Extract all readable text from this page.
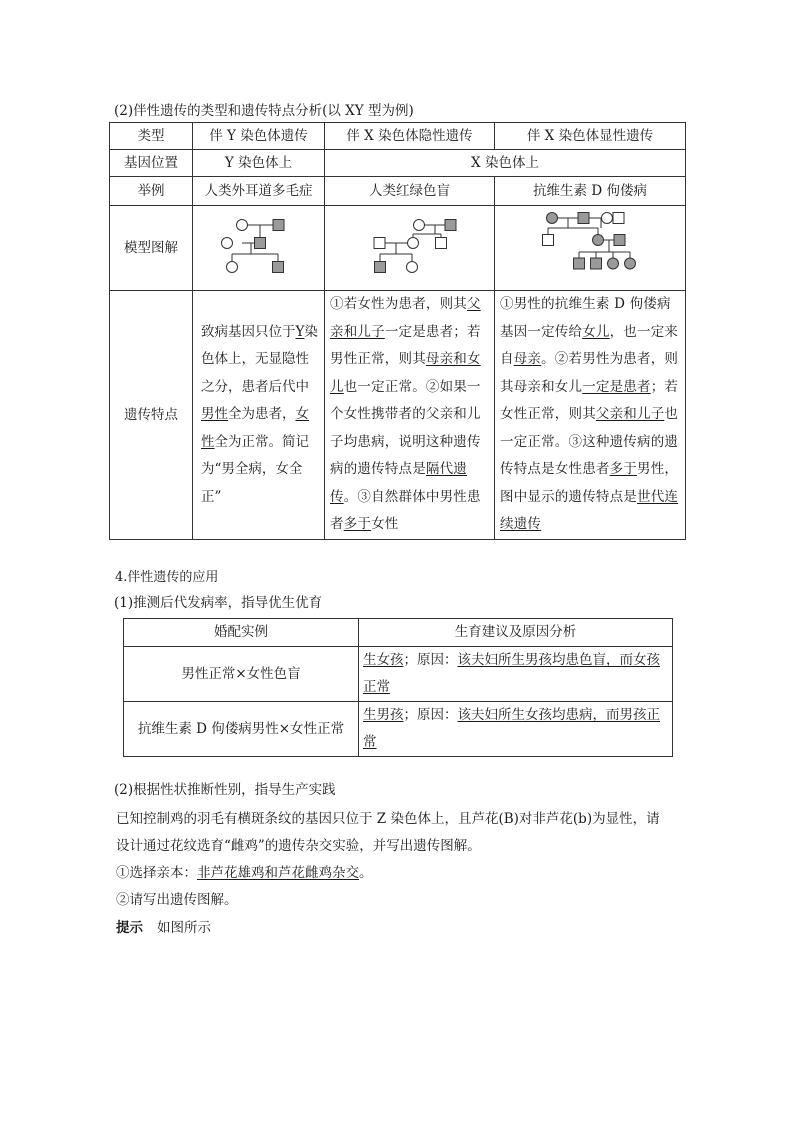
(2)伴性遗传的类型和遗传特点分析(以 XY 型为例)
类型	伴 Y 染色体遗传	伴 X 染色体隐性遗传	伴 X 染色体显性遗传
基因位置	Y 染色体上	X 染色体上	
举例	人类外耳道多毛症	人类红绿色盲	抗维生素 D 佝偻病
模型图解			
遗传特点	致病基因只位于Y染色体上，无显隐性之分，患者后代中男性全为患者，女性全为正常。简记为“男全病，女全正”	①若女性为患者，则其父亲和儿子一定是患者；若男性正常，则其母亲和女儿也一定正常。②如果一个女性携带者的父亲和儿子均患病，说明这种遗传病的遗传特点是隔代遗传。③自然群体中男性患者多于女性	①男性的抗维生素 D 佝偻病基因一定传给女儿，也一定来自母亲。②若男性为患者，则其母亲和女儿一定是患者；若女性正常，则其父亲和儿子也一定正常。③这种遗传病的遗传特点是女性患者多于男性，图中显示的遗传特点是世代连续遗传
4.伴性遗传的应用
(1)推测后代发病率，指导优生优育
婚配实例	生育建议及原因分析
男性正常×女性色盲	生女孩；原因：该夫妇所生男孩均患色盲，而女孩正常
抗维生素 D 佝偻病男性×女性正常	生男孩；原因：该夫妇所生女孩均患病，而男孩正常
(2)根据性状推断性别，指导生产实践
已知控制鸡的羽毛有横斑条纹的基因只位于 Z 染色体上，且芦花(B)对非芦花(b)为显性，请
设计通过花纹选育“雌鸡”的遗传杂交实验，并写出遗传图解。
①选择亲本：非芦花雄鸡和芦花雌鸡杂交。
②请写出遗传图解。
提示 如图所示
